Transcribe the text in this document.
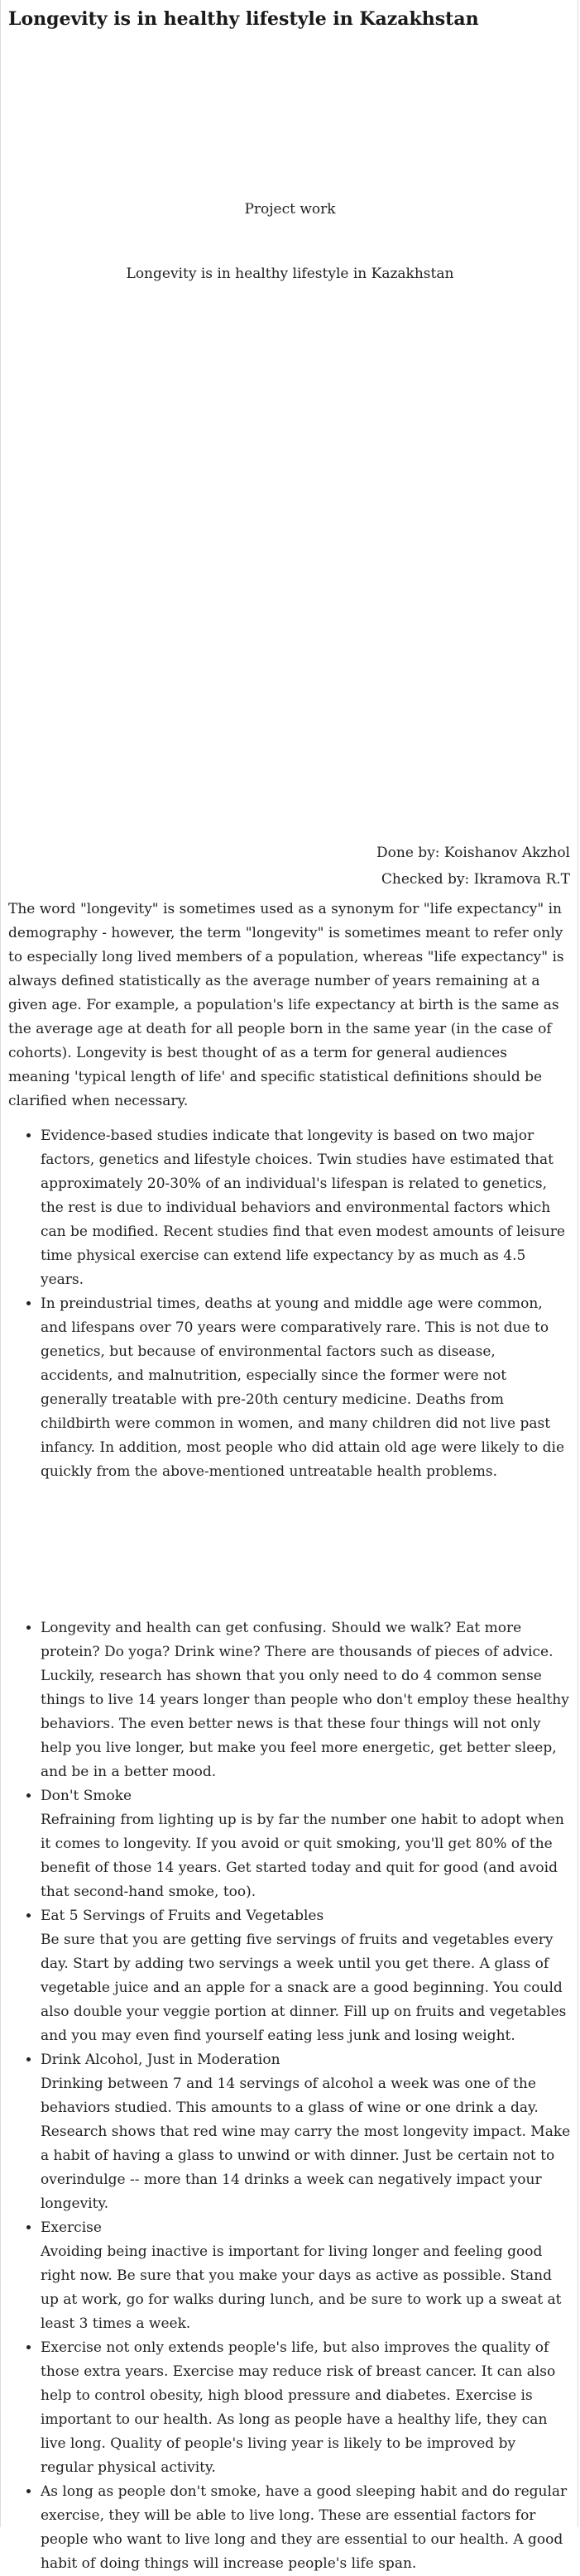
Longevity is in healthy lifestyle in Kazakhstan
Project work
Longevity is in healthy lifestyle in Kazakhstan
Done by: Koishanov Akzhol
Checked by: Ikramova R.T

The word "longevity" is sometimes used as a synonym for "life expectancy" in demography - however, the term "longevity" is sometimes meant to refer only to especially long lived members of a population, whereas "life expectancy" is always defined statistically as the average number of years remaining at a given age. For example, a population's life expectancy at birth is the same as the average age at death for all people born in the same year (in the case of cohorts). Longevity is best thought of as a term for general audiences meaning 'typical length of life' and specific statistical definitions should be clarified when necessary.

• Evidence-based studies indicate that longevity is based on two major factors, genetics and lifestyle choices. Twin studies have estimated that approximately 20-30% of an individual's lifespan is related to genetics, the rest is due to individual behaviors and environmental factors which can be modified. Recent studies find that even modest amounts of leisure time physical exercise can extend life expectancy by as much as 4.5 years.
• In preindustrial times, deaths at young and middle age were common, and lifespans over 70 years were comparatively rare. This is not due to genetics, but because of environmental factors such as disease, accidents, and malnutrition, especially since the former were not generally treatable with pre-20th century medicine. Deaths from childbirth were common in women, and many children did not live past infancy. In addition, most people who did attain old age were likely to die quickly from the above-mentioned untreatable health problems.
• Longevity and health can get confusing. Should we walk? Eat more protein? Do yoga? Drink wine? There are thousands of pieces of advice. Luckily, research has shown that you only need to do 4 common sense things to live 14 years longer than people who don't employ these healthy behaviors. The even better news is that these four things will not only help you live longer, but make you feel more energetic, get better sleep, and be in a better mood.
• Don't Smoke
Refraining from lighting up is by far the number one habit to adopt when it comes to longevity. If you avoid or quit smoking, you'll get 80% of the benefit of those 14 years. Get started today and quit for good (and avoid that second-hand smoke, too).
• Eat 5 Servings of Fruits and Vegetables
Be sure that you are getting five servings of fruits and vegetables every day. Start by adding two servings a week until you get there. A glass of vegetable juice and an apple for a snack are a good beginning. You could also double your veggie portion at dinner. Fill up on fruits and vegetables and you may even find yourself eating less junk and losing weight.
• Drink Alcohol, Just in Moderation
Drinking between 7 and 14 servings of alcohol a week was one of the behaviors studied. This amounts to a glass of wine or one drink a day. Research shows that red wine may carry the most longevity impact. Make a habit of having a glass to unwind or with dinner. Just be certain not to overindulge -- more than 14 drinks a week can negatively impact your longevity.
• Exercise
Avoiding being inactive is important for living longer and feeling good right now. Be sure that you make your days as active as possible. Stand up at work, go for walks during lunch, and be sure to work up a sweat at least 3 times a week.
• Exercise not only extends people's life, but also improves the quality of those extra years. Exercise may reduce risk of breast cancer. It can also help to control obesity, high blood pressure and diabetes. Exercise is important to our health. As long as people have a healthy life, they can live long. Quality of people's living year is likely to be improved by regular physical activity.
• As long as people don't smoke, have a good sleeping habit and do regular exercise, they will be able to live long. These are essential factors for people who want to live long and they are essential to our health. A good habit of doing things will increase people's life span.
